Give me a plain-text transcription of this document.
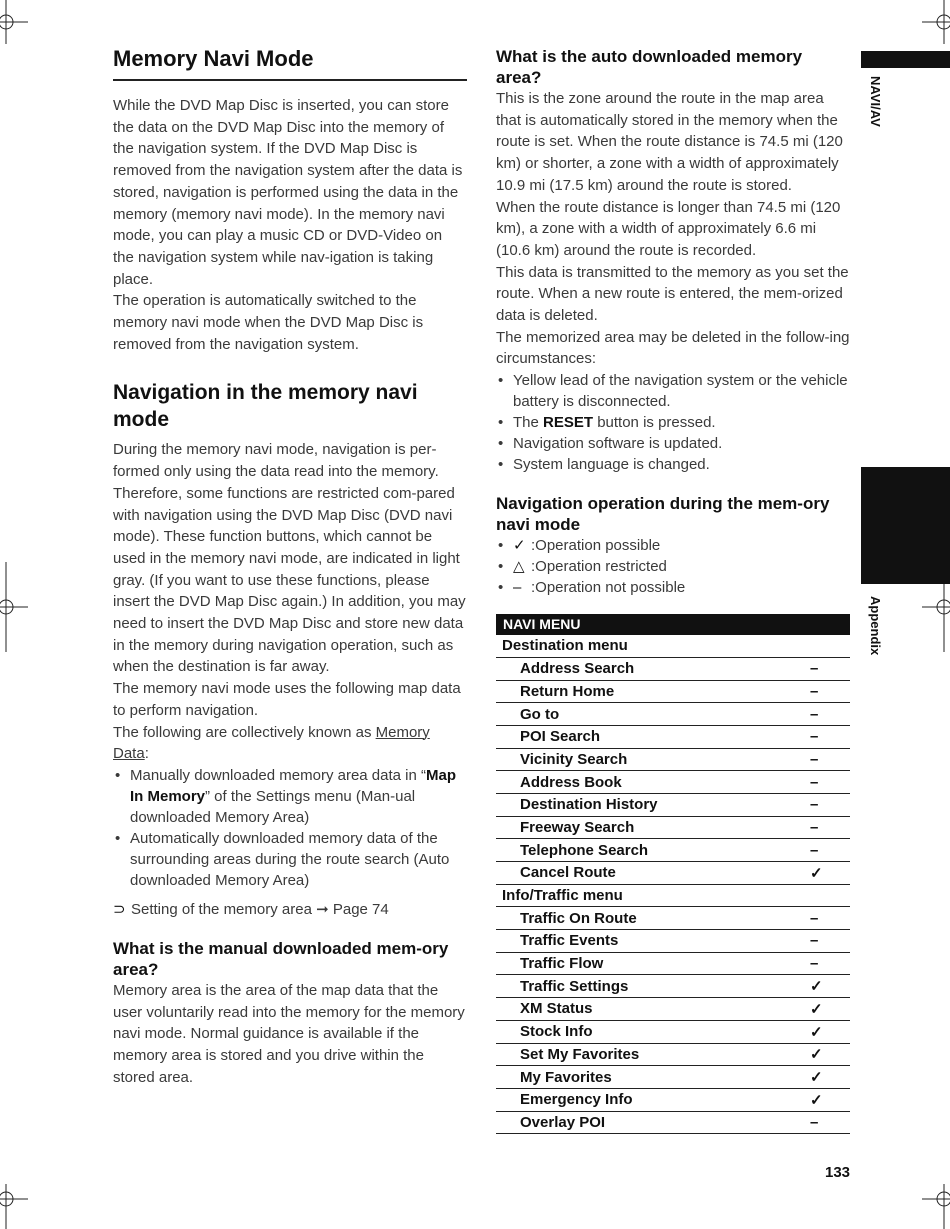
NAVI/AV
Appendix
Memory Navi Mode

While the DVD Map Disc is inserted, you can store the data on the DVD Map Disc into the memory of the navigation system. If the DVD Map Disc is removed from the navigation system after the data is stored, navigation is performed using the data in the memory (memory navi mode). In the memory navi mode, you can play a music CD or DVD-Video on the navigation system while nav-igation is taking place.

The operation is automatically switched to the memory navi mode when the DVD Map Disc is removed from the navigation system.

Navigation in the memory navi mode

During the memory navi mode, navigation is per-formed only using the data read into the memory. Therefore, some functions are restricted com-pared with navigation using the DVD Map Disc (DVD navi mode). These function buttons, which cannot be used in the memory navi mode, are indicated in light gray. (If you want to use these functions, please insert the DVD Map Disc again.) In addition, you may need to insert the DVD Map Disc and store new data in the memory during navigation operation, such as when the destination is far away.

The memory navi mode uses the following map data to perform navigation.

The following are collectively known as Memory Data:

• Manually downloaded memory area data in “Map In Memory” of the Settings menu (Man-ual downloaded Memory Area)
• Automatically downloaded memory data of the surrounding areas during the route search (Auto downloaded Memory Area)
⊃ Setting of the memory area ➞ Page 74
What is the manual downloaded mem-ory area?

Memory area is the area of the map data that the user voluntarily read into the memory for the memory navi mode. Normal guidance is available if the memory area is stored and you drive within the stored area.

What is the auto downloaded memory area?

This is the zone around the route in the map area that is automatically stored in the memory when the route is set. When the route distance is 74.5 mi (120 km) or shorter, a zone with a width of approximately 10.9 mi (17.5 km) around the route is stored.

When the route distance is longer than 74.5 mi (120 km), a zone with a width of approximately 6.6 mi (10.6 km) around the route is recorded.

This data is transmitted to the memory as you set the route. When a new route is entered, the mem-orized data is deleted.

The memorized area may be deleted in the follow-ing circumstances:

• Yellow lead of the navigation system or the vehicle battery is disconnected.
• The RESET button is pressed.
• Navigation software is updated.
• System language is changed.
Navigation operation during the mem-ory navi mode
• ✓ :Operation possible
• △ :Operation restricted
• – :Operation not possible
NAVI MENU
Destination menu
Address Search	–
Return Home	–
Go to	–
POI Search	–
Vicinity Search	–
Address Book	–
Destination History	–
Freeway Search	–
Telephone Search	–
Cancel Route	✓
Info/Traffic menu
Traffic On Route	–
Traffic Events	–
Traffic Flow	–
Traffic Settings	✓
XM Status	✓
Stock Info	✓
Set My Favorites	✓
My Favorites	✓
Emergency Info	✓
Overlay POI	–
133
